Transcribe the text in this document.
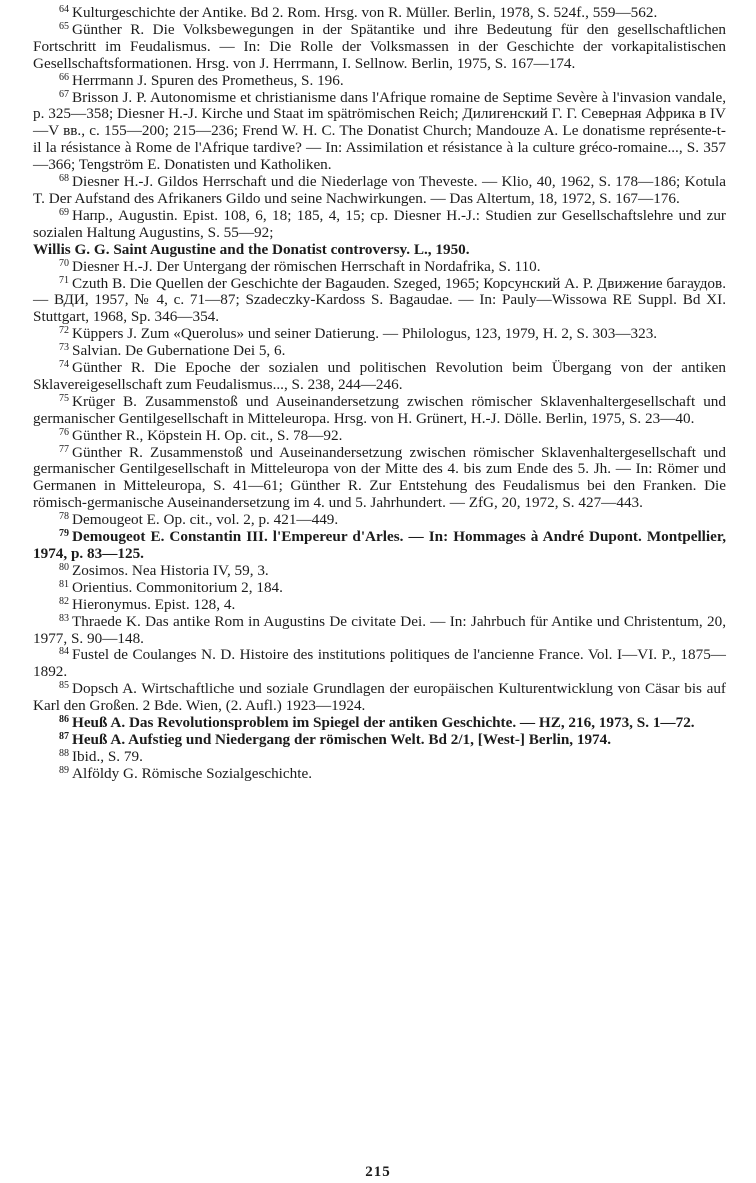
$^{64}$ Kulturgeschichte der Antike. Bd 2. Rom. Hrsg. von R. Müller. Berlin, 1978, S. 524f., 559—562.

$^{65}$ Günther R. Die Volksbewegungen in der Spätantike und ihre Bedeutung für den gesellschaftlichen Fortschritt im Feudalismus. — In: Die Rolle der Volksmassen in der Geschichte der vorkapitalistischen Gesellschaftsformationen. Hrsg. von J. Herrmann, I. Sellnow. Berlin, 1975, S. 167—174.

$^{66}$ Herrmann J. Spuren des Prometheus, S. 196.

$^{67}$ Brisson J. P. Autonomisme et christianisme dans l'Afrique romaine de Septime Sevère à l'invasion vandale, p. 325—358; Diesner H.-J. Kirche und Staat im spätrömischen Reich; Дилигенский Г. Г. Северная Африка в IV—V вв., с. 155—200; 215—236; Frend W. H. C. The Donatist Church; Mandouze A. Le donatisme représente-t-il la résistance à Rome de l'Afrique tardive? — In: Assimilation et résistance à la culture gréco-romaine..., S. 357—366; Tengström E. Donatisten und Katholiken.

$^{68}$ Diesner H.-J. Gildos Herrschaft und die Niederlage von Theveste. — Klio, 40, 1962, S. 178—186; Kotula T. Der Aufstand des Afrikaners Gildo und seine Nachwirkungen. — Das Altertum, 18, 1972, S. 167—176.

$^{69}$ Напр., Augustin. Epist. 108, 6, 18; 185, 4, 15; ср. Diesner H.-J.: Studien zur Gesellschaftslehre und zur sozialen Haltung Augustins, S. 55—92;

Willis G. G. Saint Augustine and the Donatist controversy. L., 1950.

$^{70}$ Diesner H.-J. Der Untergang der römischen Herrschaft in Nordafrika, S. 110.

$^{71}$ Czuth B. Die Quellen der Geschichte der Bagauden. Szeged, 1965; Корсунский А. Р. Движение багаудов. — ВДИ, 1957, № 4, с. 71—87; Szadeczky-Kardoss S. Bagaudae. — In: Pauly—Wissowa RE Suppl. Bd XI. Stuttgart, 1968, Sp. 346—354.

$^{72}$ Küppers J. Zum «Querolus» und seiner Datierung. — Philologus, 123, 1979, H. 2, S. 303—323.

$^{73}$ Salvian. De Gubernatione Dei 5, 6.

$^{74}$ Günther R. Die Epoche der sozialen und politischen Revolution beim Übergang von der antiken Sklavereigesellschaft zum Feudalismus..., S. 238, 244—246.

$^{75}$ Krüger B. Zusammenstoß und Auseinandersetzung zwischen römischer Sklavenhaltergesellschaft und germanischer Gentilgesellschaft in Mitteleuropa. Hrsg. von H. Grünert, H.-J. Dölle. Berlin, 1975, S. 23—40.

$^{76}$ Günther R., Köpstein H. Op. cit., S. 78—92.

$^{77}$ Günther R. Zusammenstoß und Auseinandersetzung zwischen römischer Sklavenhaltergesellschaft und germanischer Gentilgesellschaft in Mitteleuropa von der Mitte des 4. bis zum Ende des 5. Jh. — In: Römer und Germanen in Mitteleuropa, S. 41—61; Günther R. Zur Entstehung des Feudalismus bei den Franken. Die römisch-germanische Auseinandersetzung im 4. und 5. Jahrhundert. — ZfG, 20, 1972, S. 427—443.

$^{78}$ Demougeot E. Op. cit., vol. 2, p. 421—449.

$^{79}$ Demougeot E. Constantin III. l'Empereur d'Arles. — In: Hommages à André Dupont. Montpellier, 1974, p. 83—125.

$^{80}$ Zosimos. Nea Historia IV, 59, 3.

$^{81}$ Orientius. Commonitorium 2, 184.

$^{82}$ Hieronymus. Epist. 128, 4.

$^{83}$ Thraede K. Das antike Rom in Augustins De civitate Dei. — In: Jahrbuch für Antike und Christentum, 20, 1977, S. 90—148.

$^{84}$ Fustel de Coulanges N. D. Histoire des institutions politiques de l'ancienne France. Vol. I—VI. P., 1875—1892.

$^{85}$ Dopsch A. Wirtschaftliche und soziale Grundlagen der europäischen Kulturentwicklung von Cäsar bis auf Karl den Großen. 2 Bde. Wien, (2. Aufl.) 1923—1924.

$^{86}$ Heuß A. Das Revolutionsproblem im Spiegel der antiken Geschichte. — HZ, 216, 1973, S. 1—72.

$^{87}$ Heuß A. Aufstieg und Niedergang der römischen Welt. Bd 2/1, [West-] Berlin, 1974.

$^{88}$ Ibid., S. 79.

$^{89}$ Alföldy G. Römische Sozialgeschichte.

215
